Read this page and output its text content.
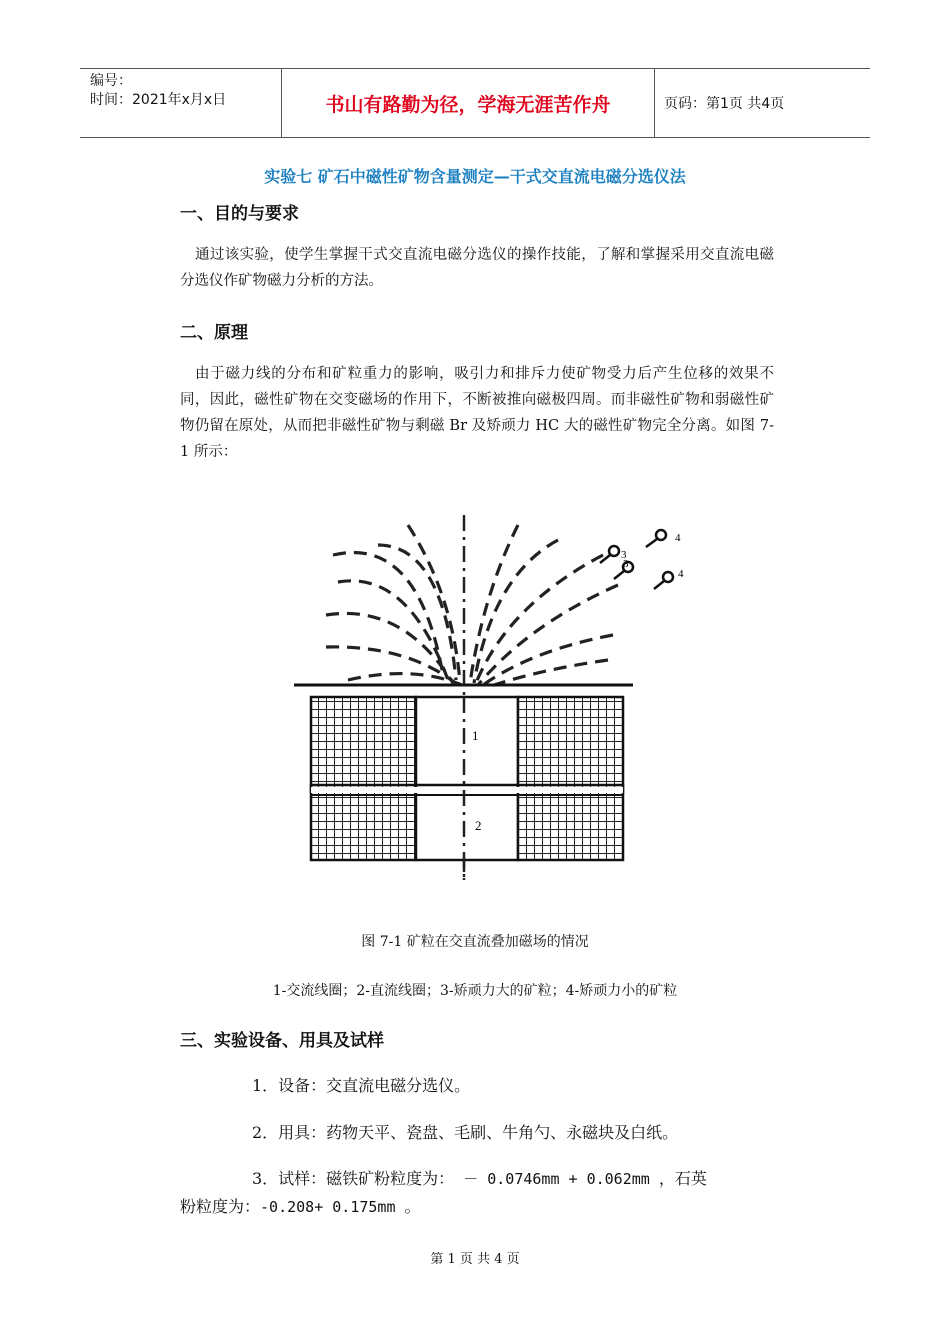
编号：
时间：2021年x月x日	书山有路勤为径，学海无涯苦作舟	页码：第1页 共4页
实验七 矿石中磁性矿物含量测定—干式交直流电磁分选仪法
一、目的与要求
通过该实验，使学生掌握干式交直流电磁分选仪的操作技能，了解和掌握采用交直流电磁分选仪作矿物磁力分析的方法。
二、原理
由于磁力线的分布和矿粒重力的影响，吸引力和排斥力使矿物受力后产生位移的效果不同，因此，磁性矿物在交变磁场的作用下，不断被推向磁极四周。而非磁性矿物和弱磁性矿物仍留在原处，从而把非磁性矿物与剩磁 Br 及矫顽力 HC 大的磁性矿物完全分离。如图 7-1 所示：
4
3
3
4
1
2
图 7-1 矿粒在交直流叠加磁场的情况
1-交流线圈；2-直流线圈；3-矫顽力大的矿粒；4-矫顽力小的矿粒
三、实验设备、用具及试样
1．设备：交直流电磁分选仪。
2．用具：药物天平、瓷盘、毛刷、牛角勺、永磁块及白纸。
3．试样：磁铁矿粉粒度为： － 0.0746mm + 0.062mm ，石英
粉粒度为：-0.208+ 0.175mm 。
第 1 页 共 4 页
